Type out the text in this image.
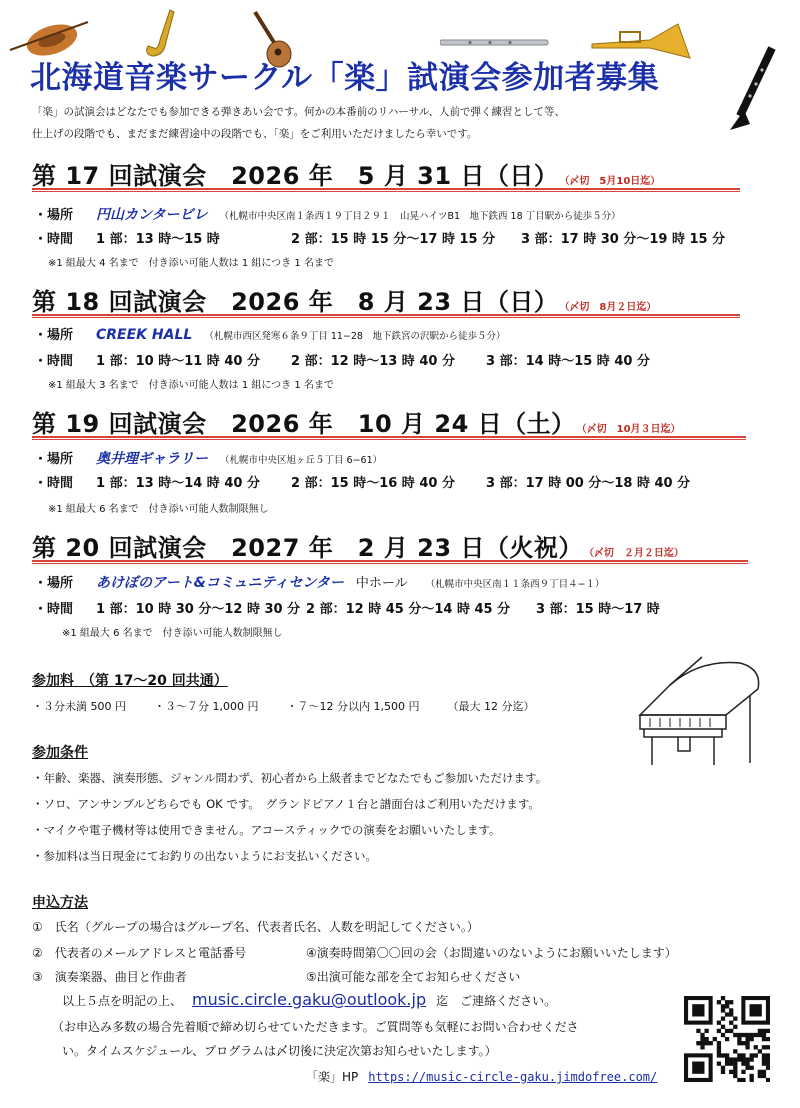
北海道音楽サークル「楽」試演会参加者募集
「楽」の試演会はどなたでも参加できる弾きあい会です。何かの本番前のリハーサル、人前で弾く練習として等、
仕上げの段階でも、まだまだ練習途中の段階でも、「楽」をご利用いただけましたら幸いです。
第 17 回試演会　2026 年　5 月 31 日（日） （〆切　5月10日迄）
・場所 円山カンタービレ （札幌市中央区南１条西１９丁目２９１　山晃ハイツB1　地下鉄西 18 丁目駅から徒歩５分）
・時間 1 部：13 時〜15 時	2 部：15 時 15 分〜17 時 15 分 3 部：17 時 30 分〜19 時 15 分
※1 組最大 4 名まで　付き添い可能人数は 1 組につき 1 名まで
第 18 回試演会　2026 年　8 月 23 日（日） （〆切　8月２日迄）
・場所 CREEK HALL （札幌市西区発寒６条９丁目 11−28　地下鉄宮の沢駅から徒歩５分）
・時間 1 部：10 時〜11 時 40 分 2 部：12 時〜13 時 40 分 3 部：14 時〜15 時 40 分
※1 組最大 3 名まで　付き添い可能人数は 1 組につき 1 名まで
第 19 回試演会　2026 年　10 月 24 日（土） （〆切　10月３日迄）
・場所 奥井理ギャラリー （札幌市中央区旭ヶ丘５丁目 6−61）
・時間 1 部：13 時〜14 時 40 分 2 部：15 時〜16 時 40 分 3 部：17 時 00 分〜18 時 40 分
※1 組最大 6 名まで　付き添い可能人数制限無し
第 20 回試演会　2027 年　2 月 23 日（火祝） （〆切　２月２日迄）
・場所 あけぼのアート&コミュニティセンター 中ホール （札幌市中央区南１１条西９丁目４−１）
・時間 1 部：10 時 30 分〜12 時 30 分 2 部：12 時 45 分〜14 時 45 分 3 部：15 時〜17 時
※1 組最大 6 名まで　付き添い可能人数制限無し
参加料　（第 17〜20 回共通）
・３分未満 500 円	・３〜７分 1,000 円	・７〜12 分以内 1,500 円	（最大 12 分迄）
参加条件
・年齢、楽器、演奏形態、ジャンル問わず、初心者から上級者までどなたでもご参加いただけます。
・ソロ、アンサンブルどちらでも OK です。　グランドピアノ１台と譜面台はご利用いただけます。
・マイクや電子機材等は使用できません。アコースティックでの演奏をお願いいたします。
・参加料は当日現金にてお釣りの出ないようにお支払いください。
申込方法
①　氏名（グループの場合はグループ名、代表者氏名、人数を明記してください。）
②　代表者のメールアドレスと電話番号	④演奏時間第〇〇回の会（お間違いのないようにお願いいたします）
③　演奏楽器、曲目と作曲者	⑤出演可能な部を全てお知らせください
以上５点を明記の上、 music.circle.gaku@outlook.jp 迄　ご連絡ください。
（お申込み多数の場合先着順で締め切らせていただきます。ご質問等も気軽にお問い合わせくださ
い。タイムスケジュール、プログラムは〆切後に決定次第お知らせいたします。）
「楽」HP https://music-circle-gaku.jimdofree.com/
